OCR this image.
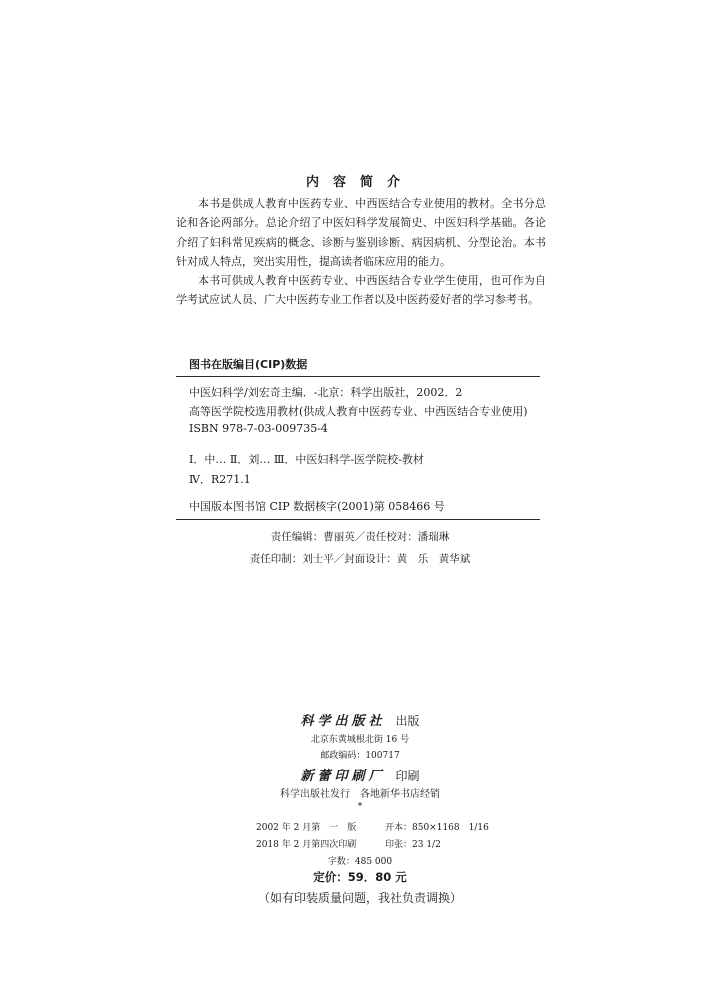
内容简介

本书是供成人教育中医药专业、中西医结合专业使用的教材。全书分总论和各论两部分。总论介绍了中医妇科学发展简史、中医妇科学基础。各论介绍了妇科常见疾病的概念、诊断与鉴别诊断、病因病机、分型论治。本书针对成人特点，突出实用性，提高读者临床应用的能力。

本书可供成人教育中医药专业、中西医结合专业学生使用，也可作为自学考试应试人员、广大中医药专业工作者以及中医药爱好者的学习参考书。

图书在版编目(CIP)数据
中医妇科学/刘宏奇主编．-北京：科学出版社，2002．2
高等医学院校选用教材(供成人教育中医药专业、中西医结合专业使用)
ISBN 978-7-03-009735-4
Ⅰ．中… Ⅱ．刘… Ⅲ．中医妇科学-医学院校-教材
Ⅳ．R271.1
中国版本图书馆 CIP 数据核字(2001)第 058466 号
责任编辑：曹丽英／责任校对：潘瑞琳
责任印制：刘士平／封面设计：黄　乐　黄华斌
科学出版社 出版
北京东黄城根北街 16 号
邮政编码：100717
新蕾印刷厂 印刷
科学出版社发行　各地新华书店经销
*
2002 年 2 月第　一　版	开本：850×1168　1/16
2018 年 2 月第四次印刷	印张：23 1/2
字数：485 000
定价：59．80 元
（如有印装质量问题，我社负责调换）
